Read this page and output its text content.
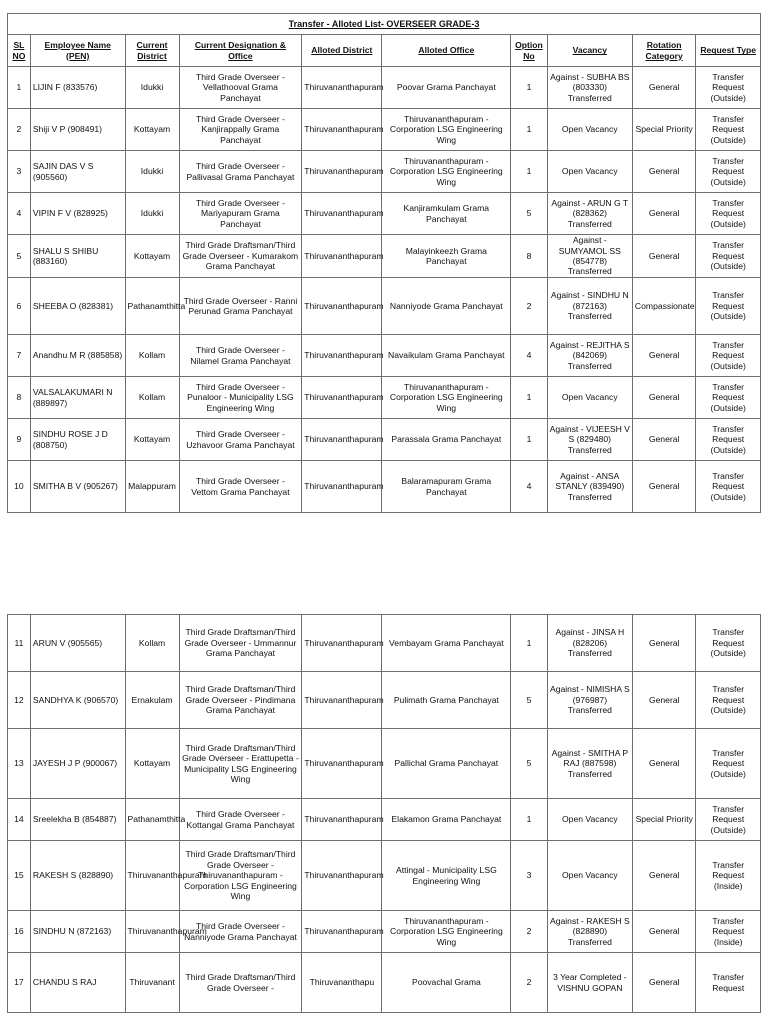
Transfer - Alloted List- OVERSEER GRADE-3									
SL NO	Employee Name (PEN)	Current District	Current Designation & Office	Alloted District	Alloted Office	Option No	Vacancy	Rotation Category	Request Type
1	LIJIN F (833576)	Idukki	Third Grade Overseer - Vellathooval Grama Panchayat	Thiruvananthapuram	Poovar Grama Panchayat	1	Against - SUBHA BS (803330) Transferred	General	Transfer Request (Outside)
2	Shiji V P (908491)	Kottayam	Third Grade Overseer - Kanjirappally Grama Panchayat	Thiruvananthapuram	Thiruvananthapuram - Corporation LSG Engineering Wing	1	Open Vacancy	Special Priority	Transfer Request (Outside)
3	SAJIN DAS V S (905560)	Idukki	Third Grade Overseer - Pallivasal Grama Panchayat	Thiruvananthapuram	Thiruvananthapuram - Corporation LSG Engineering Wing	1	Open Vacancy	General	Transfer Request (Outside)
4	VIPIN F V (828925)	Idukki	Third Grade Overseer - Mariyapuram Grama Panchayat	Thiruvananthapuram	Kanjiramkulam Grama Panchayat	5	Against - ARUN G T (828362) Transferred	General	Transfer Request (Outside)
5	SHALU S SHIBU (883160)	Kottayam	Third Grade Draftsman/Third Grade Overseer - Kumarakom Grama Panchayat	Thiruvananthapuram	Malayinkeezh Grama Panchayat	8	Against - SUMYAMOL SS (854778) Transferred	General	Transfer Request (Outside)
6	SHEEBA O (828381)	Pathanamthitta	Third Grade Overseer - Ranni Perunad Grama Panchayat	Thiruvananthapuram	Nanniyode Grama Panchayat	2	Against - SINDHU N (872163) Transferred	Compassionate	Transfer Request (Outside)
7	Anandhu M R (885858)	Kollam	Third Grade Overseer - Nilamel Grama Panchayat	Thiruvananthapuram	Navaikulam Grama Panchayat	4	Against - REJITHA S (842069) Transferred	General	Transfer Request (Outside)
8	VALSALAKUMARI N (889897)	Kollam	Third Grade Overseer - Punaloor - Municipality LSG Engineering Wing	Thiruvananthapuram	Thiruvananthapuram - Corporation LSG Engineering Wing	1	Open Vacancy	General	Transfer Request (Outside)
9	SINDHU ROSE J D (808750)	Kottayam	Third Grade Overseer - Uzhavoor Grama Panchayat	Thiruvananthapuram	Parassala Grama Panchayat	1	Against - VIJEESH V S (829480) Transferred	General	Transfer Request (Outside)
10	SMITHA B V (905267)	Malappuram	Third Grade Overseer - Vettom Grama Panchayat	Thiruvananthapuram	Balaramapuram Grama Panchayat	4	Against - ANSA STANLY (839490) Transferred	General	Transfer Request (Outside)
11	ARUN V (905565)	Kollam	Third Grade Draftsman/Third Grade Overseer - Ummannur Grama Panchayat	Thiruvananthapuram	Vembayam Grama Panchayat	1	Against - JINSA H (828206) Transferred	General	Transfer Request (Outside)
12	SANDHYA K (906570)	Ernakulam	Third Grade Draftsman/Third Grade Overseer - Pindimana Grama Panchayat	Thiruvananthapuram	Pulimath Grama Panchayat	5	Against - NIMISHA S (976987) Transferred	General	Transfer Request (Outside)
13	JAYESH J P (900067)	Kottayam	Third Grade Draftsman/Third Grade Overseer - Erattupetta - Municipality LSG Engineering Wing	Thiruvananthapuram	Pallichal Grama Panchayat	5	Against - SMITHA P RAJ (887598) Transferred	General	Transfer Request (Outside)
14	Sreelekha B (854887)	Pathanamthitta	Third Grade Overseer - Kottangal Grama Panchayat	Thiruvananthapuram	Elakamon Grama Panchayat	1	Open Vacancy	Special Priority	Transfer Request (Outside)
15	RAKESH S (828890)	Thiruvananthapuram	Third Grade Draftsman/Third Grade Overseer - Thiruvananthapuram - Corporation LSG Engineering Wing	Thiruvananthapuram	Attingal - Municipality LSG Engineering Wing	3	Open Vacancy	General	Transfer Request (Inside)
16	SINDHU N (872163)	Thiruvananthapuram	Third Grade Overseer - Nanniyode Grama Panchayat	Thiruvananthapuram	Thiruvananthapuram - Corporation LSG Engineering Wing	2	Against - RAKESH S (828890) Transferred	General	Transfer Request (Inside)
17	CHANDU S RAJ	Thiruvanant	Third Grade Draftsman/Third Grade Overseer -	Thiruvananthapu	Poovachal Grama	2	3 Year Completed - VISHNU GOPAN	General	Transfer Request
